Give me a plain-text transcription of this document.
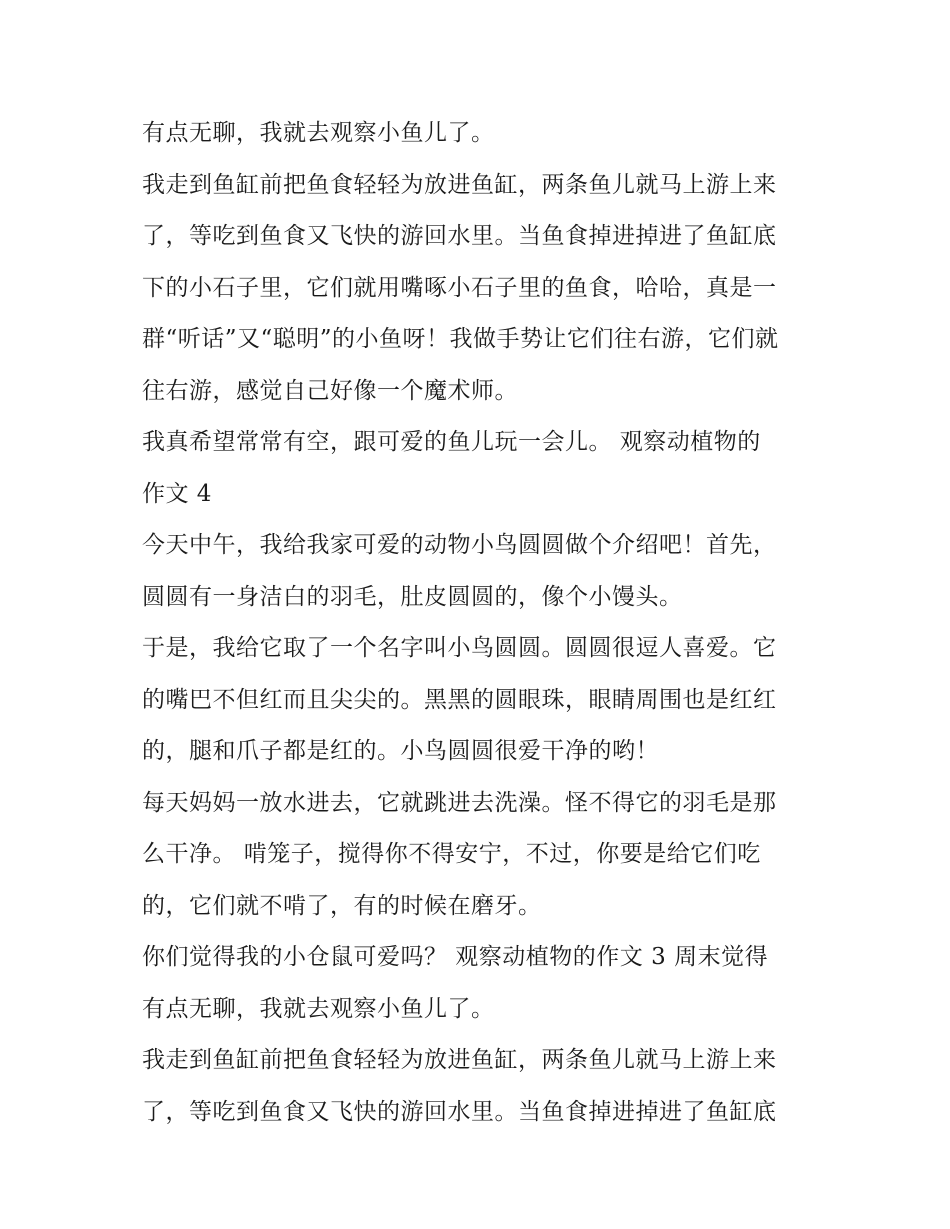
有点无聊，我就去观察小鱼儿了。
我走到鱼缸前把鱼食轻轻为放进鱼缸，两条鱼儿就马上游上来
了，等吃到鱼食又飞快的游回水里。当鱼食掉进掉进了鱼缸底
下的小石子里，它们就用嘴啄小石子里的鱼食，哈哈，真是一
群“听话”又“聪明”的小鱼呀！我做手势让它们往右游，它们就
往右游，感觉自己好像一个魔术师。
我真希望常常有空，跟可爱的鱼儿玩一会儿。 观察动植物的
作文 4
今天中午，我给我家可爱的动物小鸟圆圆做个介绍吧！首先，
圆圆有一身洁白的羽毛，肚皮圆圆的，像个小馒头。
于是，我给它取了一个名字叫小鸟圆圆。圆圆很逗人喜爱。它
的嘴巴不但红而且尖尖的。黑黑的圆眼珠，眼睛周围也是红红
的，腿和爪子都是红的。小鸟圆圆很爱干净的哟！
每天妈妈一放水进去，它就跳进去洗澡。怪不得它的羽毛是那
么干净。 啃笼子，搅得你不得安宁，不过，你要是给它们吃
的，它们就不啃了，有的时候在磨牙。
你们觉得我的小仓鼠可爱吗？ 观察动植物的作文 3 周末觉得
有点无聊，我就去观察小鱼儿了。
我走到鱼缸前把鱼食轻轻为放进鱼缸，两条鱼儿就马上游上来
了，等吃到鱼食又飞快的游回水里。当鱼食掉进掉进了鱼缸底
